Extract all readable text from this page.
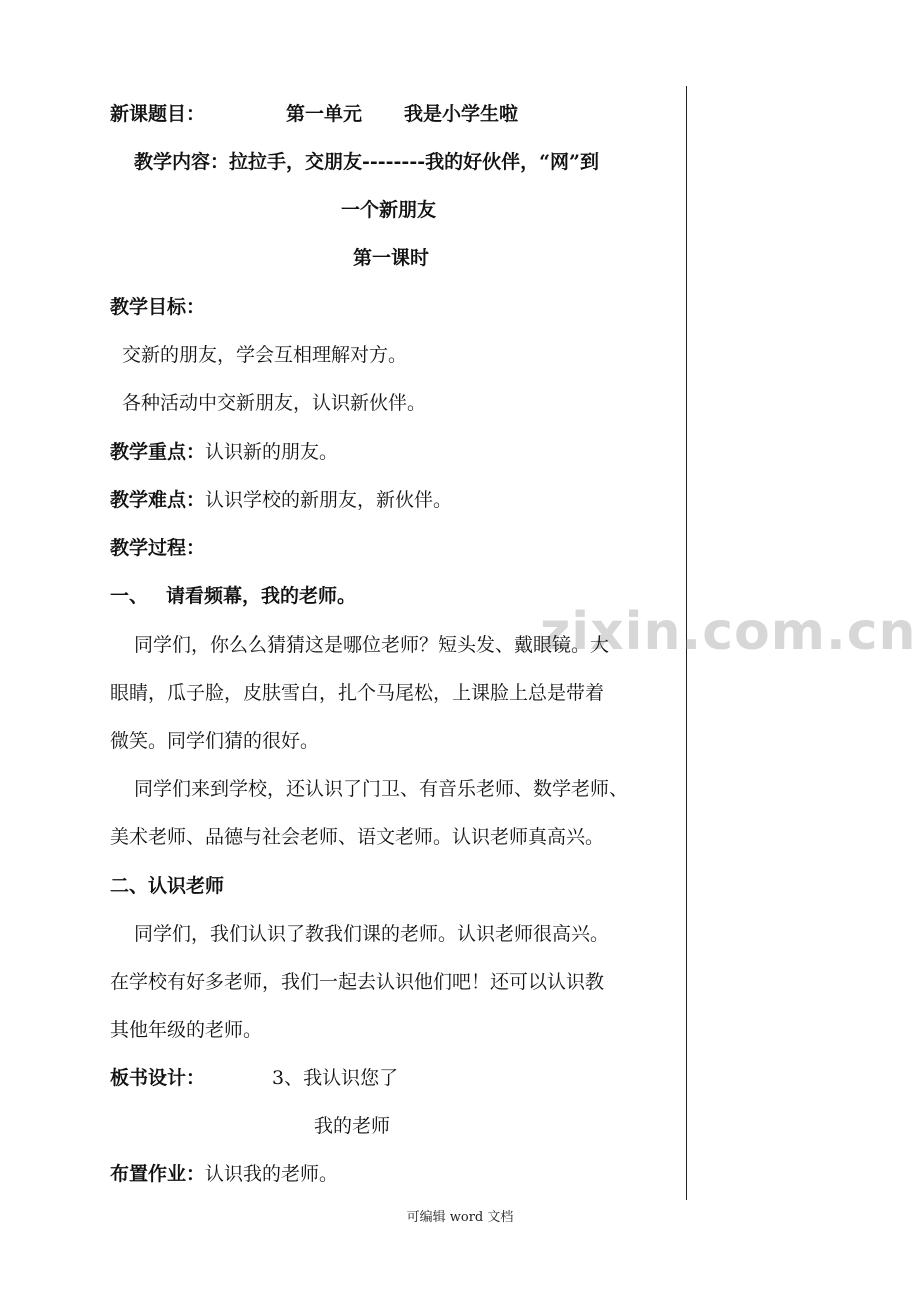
zixin.com.cn
新课题目：	第一单元 我是小学生啦
教学内容：拉拉手，交朋友--------我的好伙伴，“网”到
一个新朋友
第一课时
教学目标：
交新的朋友，学会互相理解对方。
各种活动中交新朋友，认识新伙伴。
教学重点：认识新的朋友。
教学难点：认识学校的新朋友，新伙伴。
教学过程：
一、 请看频幕，我的老师。
同学们，你么么猜猜这是哪位老师？短头发、戴眼镜。大
眼睛，瓜子脸，皮肤雪白，扎个马尾松，上课脸上总是带着
微笑。同学们猜的很好。
同学们来到学校，还认识了门卫、有音乐老师、数学老师、
美术老师、品德与社会老师、语文老师。认识老师真高兴。
二、认识老师
同学们，我们认识了教我们课的老师。认识老师很高兴。
在学校有好多老师，我们一起去认识他们吧！还可以认识教
其他年级的老师。
板书设计：	3、我认识您了
我的老师
布置作业：认识我的老师。
可编辑 word 文档
